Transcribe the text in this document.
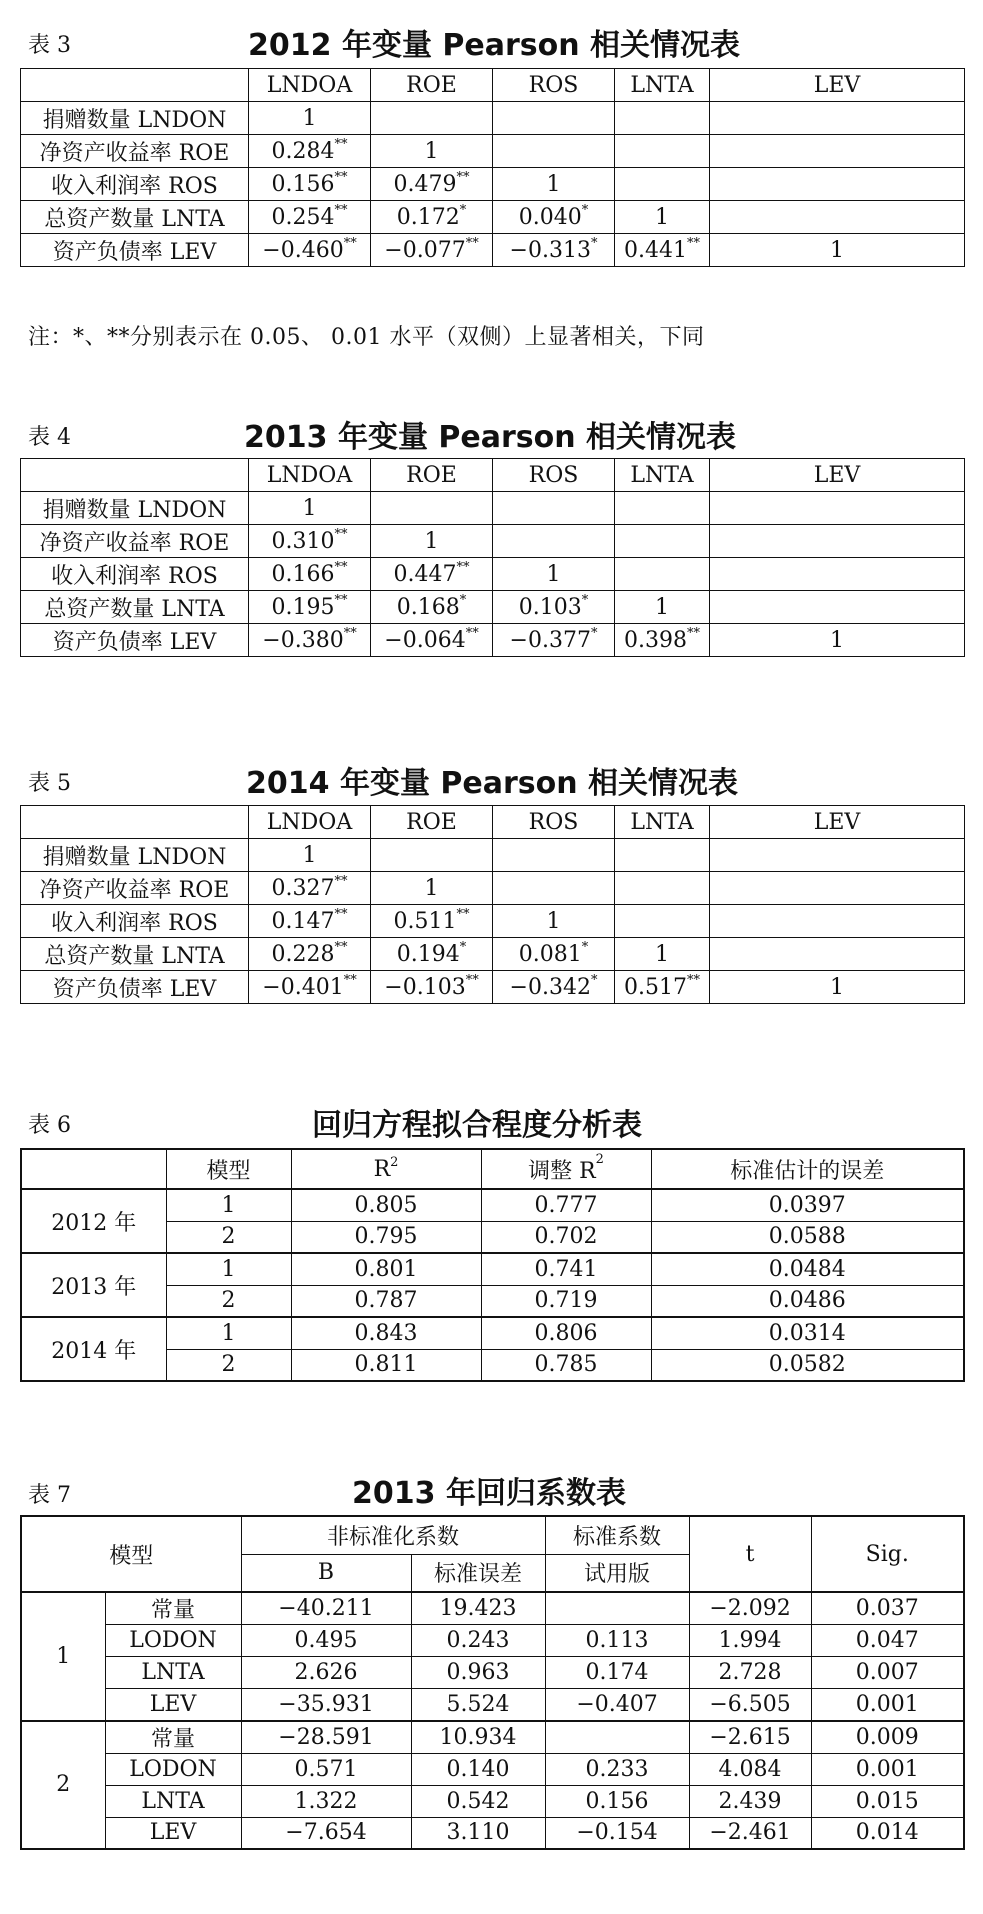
表 3	2012 年变量 Pearson 相关情况表
	LNDOA	ROE	ROS	LNTA	LEV
捐赠数量 LNDON	1				
净资产收益率 ROE	0.284**	1			
收入利润率 ROS	0.156**	0.479**	1		
总资产数量 LNTA	0.254**	0.172*	0.040*	1	
资产负债率 LEV	−0.460**	−0.077**	−0.313*	0.441**	1
注：*、**分别表示在 0.05、 0.01 水平（双侧）上显著相关，下同
表 4	2013 年变量 Pearson 相关情况表
	LNDOA	ROE	ROS	LNTA	LEV
捐赠数量 LNDON	1				
净资产收益率 ROE	0.310**	1			
收入利润率 ROS	0.166**	0.447**	1		
总资产数量 LNTA	0.195**	0.168*	0.103*	1	
资产负债率 LEV	−0.380**	−0.064**	−0.377*	0.398**	1
表 5	2014 年变量 Pearson 相关情况表
	LNDOA	ROE	ROS	LNTA	LEV
捐赠数量 LNDON	1				
净资产收益率 ROE	0.327**	1			
收入利润率 ROS	0.147**	0.511**	1		
总资产数量 LNTA	0.228**	0.194*	0.081*	1	
资产负债率 LEV	−0.401**	−0.103**	−0.342*	0.517**	1
表 6	回归方程拟合程度分析表
	模型	$R^2$	调整 $R^2$	标准估计的误差
2012 年	1	0.805	0.777	0.0397
	2	0.795	0.702	0.0588
2013 年	1	0.801	0.741	0.0484
	2	0.787	0.719	0.0486
2014 年	1	0.843	0.806	0.0314
	2	0.811	0.785	0.0582
表 7	2013 年回归系数表
模型		非标准化系数		标准系数	t	Sig.
		B	标准误差	试用版		
1	常量	−40.211	19.423		−2.092	0.037
	LODON	0.495	0.243	0.113	1.994	0.047
	LNTA	2.626	0.963	0.174	2.728	0.007
	LEV	−35.931	5.524	−0.407	−6.505	0.001
2	常量	−28.591	10.934		−2.615	0.009
	LODON	0.571	0.140	0.233	4.084	0.001
	LNTA	1.322	0.542	0.156	2.439	0.015
	LEV	−7.654	3.110	−0.154	−2.461	0.014
